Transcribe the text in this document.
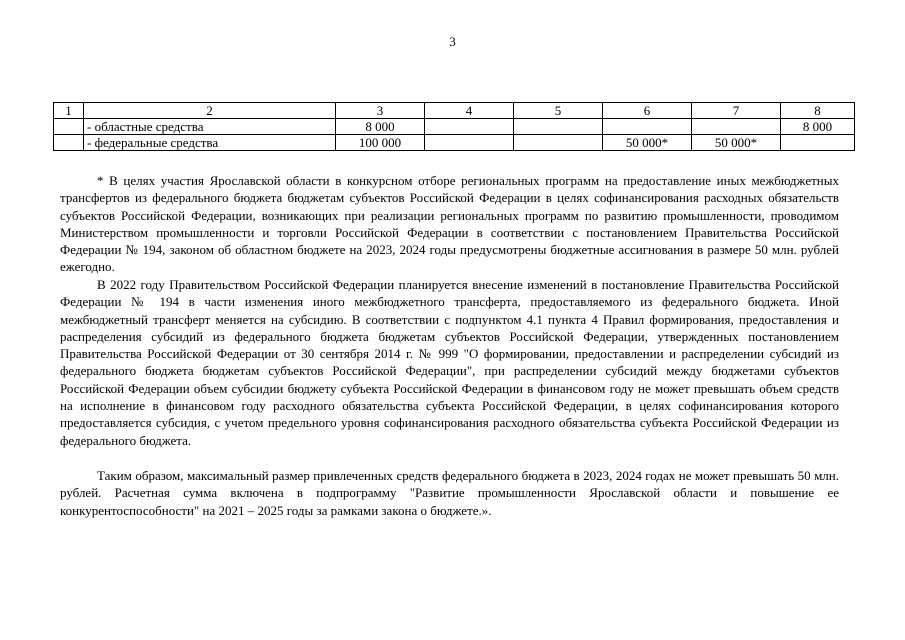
3
1	2	3	4	5	6	7	8
	- областные средства	8 000					8 000
	- федеральные средства	100 000			50 000*	50 000*	

* В целях участия Ярославской области в конкурсном отборе региональных программ на предоставление иных межбюджетных трансфертов из федерального бюджета бюджетам субъектов Российской Федерации в целях софинансирования расходных обязательств субъектов Российской Федерации, возникающих при реализации региональных программ по развитию промышленности, проводимом Министерством промышленности и торговли Российской Федерации в соответствии с постановлением Правительства Российской Федерации № 194, законом об областном бюджете на 2023, 2024 годы предусмотрены бюджетные ассигнования в размере 50 млн. рублей ежегодно.

В 2022 году Правительством Российской Федерации планируется внесение изменений в постановление Правительства Российской Федерации № 194 в части изменения иного межбюджетного трансферта, предоставляемого из федерального бюджета. Иной межбюджетный трансферт меняется на субсидию. В соответствии с подпунктом 4.1 пункта 4 Правил формирования, предоставления и распределения субсидий из федерального бюджета бюджетам субъектов Российской Федерации, утвержденных постановлением Правительства Российской Федерации от 30 сентября 2014 г. № 999 "О формировании, предоставлении и распределении субсидий из федерального бюджета бюджетам субъектов Российской Федерации", при распределении субсидий между бюджетами субъектов Российской Федерации объем субсидии бюджету субъекта Российской Федерации в финансовом году не может превышать объем средств на исполнение в финансовом году расходного обязательства субъекта Российской Федерации, в целях софинансирования которого предоставляется субсидия, с учетом предельного уровня софинансирования расходного обязательства субъекта Российской Федерации из федерального бюджета.

Таким образом, максимальный размер привлеченных средств федерального бюджета в 2023, 2024 годах не может превышать 50 млн. рублей. Расчетная сумма включена в подпрограмму "Развитие промышленности Ярославской области и повышение ее конкурентоспособности" на 2021 – 2025 годы за рамками закона о бюджете.».
